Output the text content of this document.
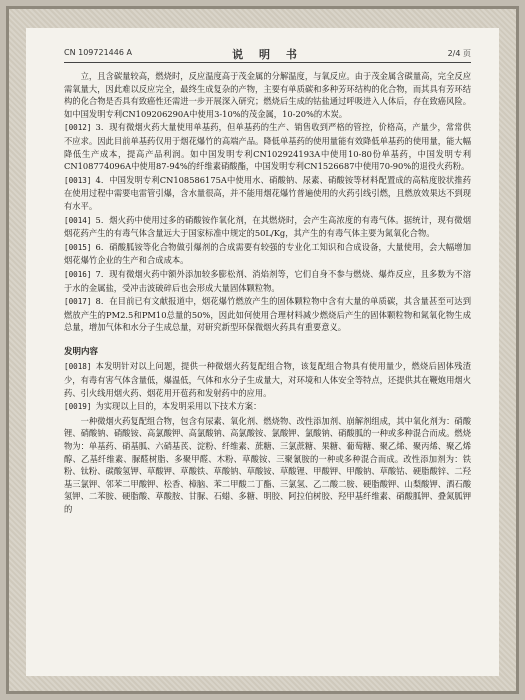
CN 109721446 A	说 明 书	2/4 页

立，且含碳量较高，燃烧时，反应温度高于茂金属的分解温度，与氧反应。由于茂金属含碳量高，完全反应需氧量大，因此难以反应完全，最终生成复杂的产物，主要有单质碳和多种芳环结构的化合物，而其具有芳环结构的化合物是否具有致癌性还需进一步开展深入研究；燃烧后生成的钴盐通过呼吸进入人体后，存在致癌风险。如中国发明专利CN109206290A中使用3-10%的茂金属，10-20%的木炭。

[0012] 3．现有微烟火药大量使用单基药，但单基药的生产、销售收到严格的管控，价格高，产量少，常常供不应求。因此目前单基药仅用于烟花爆竹的高端产品。降低单基药的使用量能有效降低单基药的使用量，能大幅降低生产成本，提高产品利润。如中国发明专利CN102924193A中使用10-80份单基药，中国发明专利CN108774096A中使用87-94%的纤维素硝酸酯，中国发明专利CN1526687中使用70-90%的退役火药粉。

[0013] 4．中国发明专利CN108586175A中使用水、硝酸钠、尿素、硝酸铵等材料配置成的高粘度胶状推药在使用过程中需要电雷管引爆，含水量很高，并不能用烟花爆竹普遍使用的火药引线引燃，且燃放效果达不到现有水平。

[0014] 5．烟火药中使用过多的硝酸铵作氧化剂，在其燃烧时，会产生高浓度的有毒气体。据统计，现有微烟烟花药产生的有毒气体含量远大于国家标准中规定的50L/Kg，其产生的有毒气体主要为氮氧化合物。

[0015] 6．硝酸胍铵等化合物做引爆剂的合成需要有较强的专业化工知识和合成设备，大量使用，会大幅增加烟花爆竹企业的生产和合成成本。

[0016] 7．现有微烟火药中额外添加较多膨松剂、消焰剂等，它们自身不参与燃烧、爆炸反应，且多数为不溶于水的金属盐，受冲击波破碎后也会形成大量固体颗粒物。

[0017] 8．在目前已有文献报道中，烟花爆竹燃放产生的固体颗粒物中含有大量的单质碳，其含量甚至可达到燃放产生的PM2.5和PM10总量的50%，因此如何使用合理材料减少燃烧后产生的固体颗粒物和氮氧化物生成总量，增加气体和水分子生成总量，对研究新型环保微烟火药具有重要意义。

发明内容

[0018] 本发明针对以上问题，提供一种微烟火药复配组合物，该复配组合物具有使用量少，燃烧后固体残渣少，有毒有害气体含量低，爆温低，气体和水分子生成量大，对环境和人体安全等特点，还提供其在鞭炮用烟火药、引火线用烟火药、烟花用开苞药和发射药中的应用。

[0019] 为实现以上目的，本发明采用以下技术方案：

一种微烟火药复配组合物，包含有尿素、氧化剂、燃烧物、改性添加剂、崩解剂组成，其中氧化剂为：硝酸锂、硝酸钠、硝酸铵、高氯酸钾、高氯酸钠、高氯酸铵、氯酸钾、氯酸钠、硝酸胍的一种或多种混合而成。燃烧物为：单基药、硝基胍、六硝基芪、淀粉、纤维素、蔗糖、三氯蔗糖、果糖、葡萄糖、聚乙烯、聚丙烯、聚乙烯醇、乙基纤维素、脲醛树脂、多聚甲醛、木粉、草酸铵、三聚氰胺的一种或多种混合而成。改性添加剂为：铁粉、钛粉、碳酸氢钾、草酸钾、草酸铁、草酸钠、草酸铵、草酸锂、甲酸钾、甲酸钠、草酸钴、硬脂酸锌、二羟基三氯钾、邻苯二甲酸钾、松香、樟脑、苯二甲酸二丁酯、三氯氢、乙二酸二胺、硬脂酸钾、山梨酸钾、酒石酸氢钾、二苯胺、硬脂酸、草酸胺、甘脲、石蜡、多糖、明胶、阿拉伯树胶、羟甲基纤维素、硝酸胍钾、叠氮胍钾的
